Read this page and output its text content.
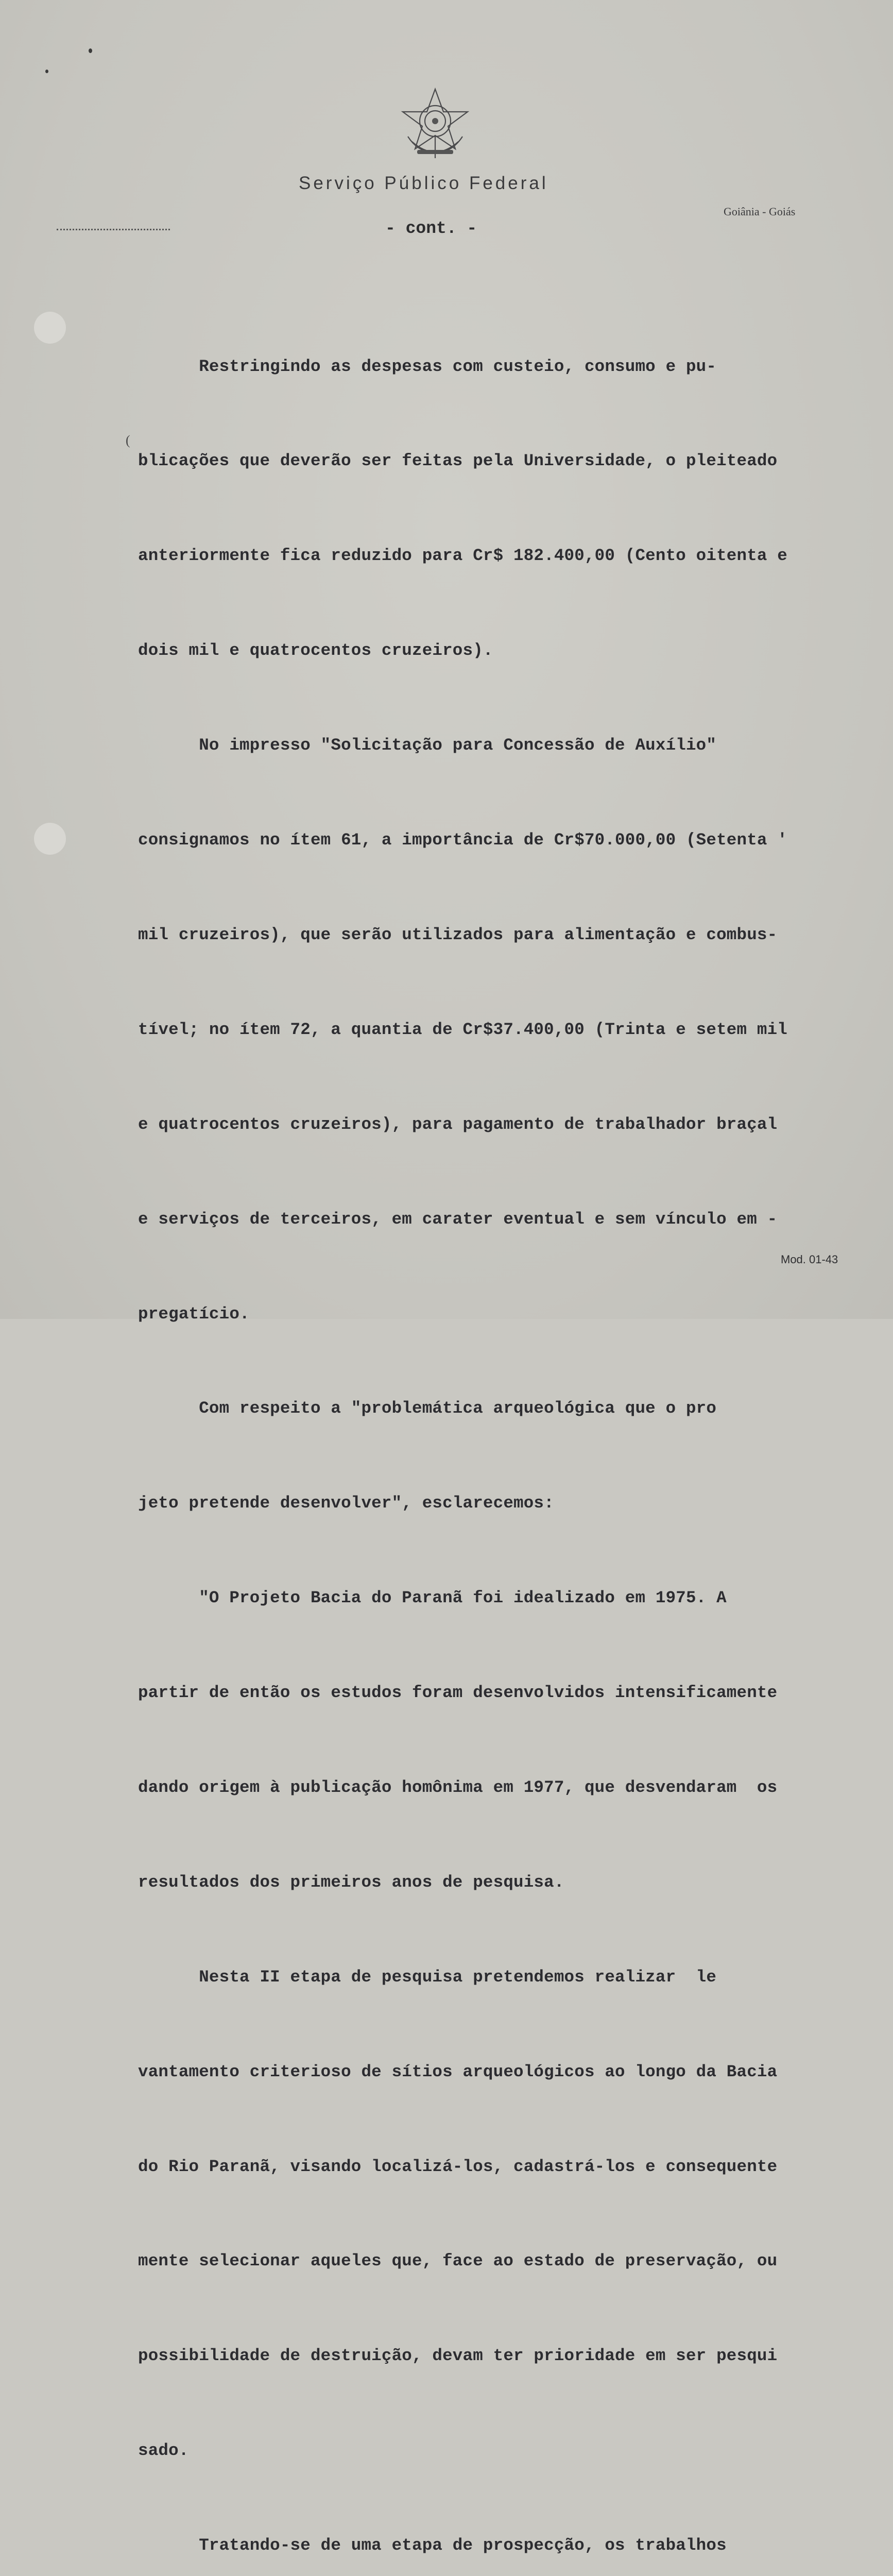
Serviço Público Federal
Goiânia - Goiás
- cont. -
(

Restringindo as despesas com custeio, consumo e pu-

blicações que deverão ser feitas pela Universidade, o pleiteado

anteriormente fica reduzido para Cr$ 182.400,00 (Cento oitenta e

dois mil e quatrocentos cruzeiros).

No impresso "Solicitação para Concessão de Auxílio"

consignamos no ítem 61, a importância de Cr$70.000,00 (Setenta '

mil cruzeiros), que serão utilizados para alimentação e combus-

tível; no ítem 72, a quantia de Cr$37.400,00 (Trinta e setem mil

e quatrocentos cruzeiros), para pagamento de trabalhador braçal

e serviços de terceiros, em carater eventual e sem vínculo em -

pregatício.

Com respeito a "problemática arqueológica que o pro

jeto pretende desenvolver", esclarecemos:

"O Projeto Bacia do Paranã foi idealizado em 1975. A

partir de então os estudos foram desenvolvidos intensificamente

dando origem à publicação homônima em 1977, que desvendaram  os

resultados dos primeiros anos de pesquisa.

Nesta II etapa de pesquisa pretendemos realizar  le

vantamento criterioso de sítios arqueológicos ao longo da Bacia

do Rio Paranã, visando localizá-los, cadastrá-los e consequente

mente selecionar aqueles que, face ao estado de preservação, ou

possibilidade de destruição, devam ter prioridade em ser pesqui

sado.

Tratando-se de uma etapa de prospecção, os trabalhos

Mod. 01-43
